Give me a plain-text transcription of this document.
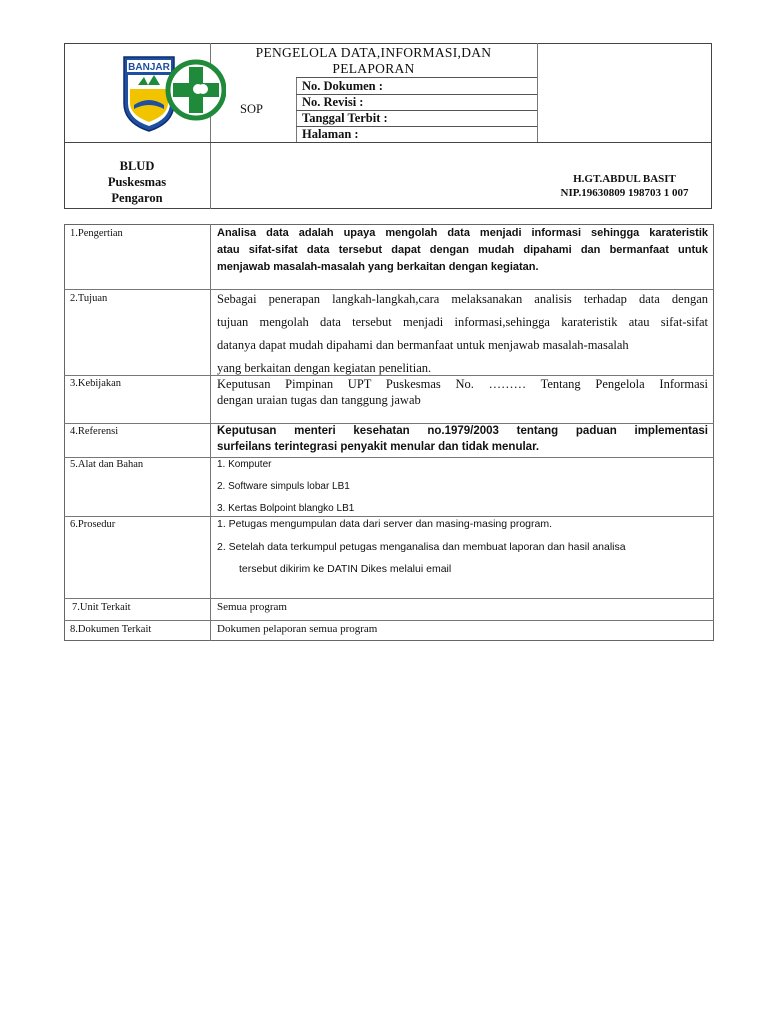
BANJAR
PENGELOLA DATA,INFORMASI,DAN
PELAPORAN
SOP
No. Dokumen :
No. Revisi :
Tanggal Terbit :
Halaman :
BLUD
Puskesmas
Pengaron
H.GT.ABDUL BASIT
NIP.19630809 198703 1 007
1.Pengertian	Analisa data adalah upaya mengolah data menjadi informasi sehingga karateristik
atau sifat-sifat data tersebut dapat dengan mudah dipahami dan bermanfaat untuk
menjawab masalah-masalah yang berkaitan dengan kegiatan.
2.Tujuan	Sebagai penerapan langkah-langkah,cara melaksanakan analisis terhadap data dengan
tujuan mengolah data tersebut menjadi informasi,sehingga karateristik atau sifat-sifat
datanya dapat mudah dipahami dan bermanfaat untuk menjawab masalah-masalah
yang berkaitan dengan kegiatan penelitian.
3.Kebijakan	Keputusan Pimpinan UPT Puskesmas No. ……… Tentang Pengelola Informasi
dengan uraian tugas dan tanggung jawab
4.Referensi	Keputusan menteri kesehatan no.1979/2003 tentang paduan implementasi
surfeilans terintegrasi penyakit menular dan tidak menular.
5.Alat dan Bahan	1. Komputer
2. Software simpuls lobar LB1
3. Kertas Bolpoint blangko LB1
6.Prosedur	1. Petugas mengumpulan data dari server dan masing-masing program.
2. Setelah data terkumpul petugas menganalisa dan membuat laporan dan hasil analisa
tersebut dikirim ke DATIN Dikes melalui email
7.Unit Terkait	Semua program
8.Dokumen Terkait	Dokumen pelaporan semua program
